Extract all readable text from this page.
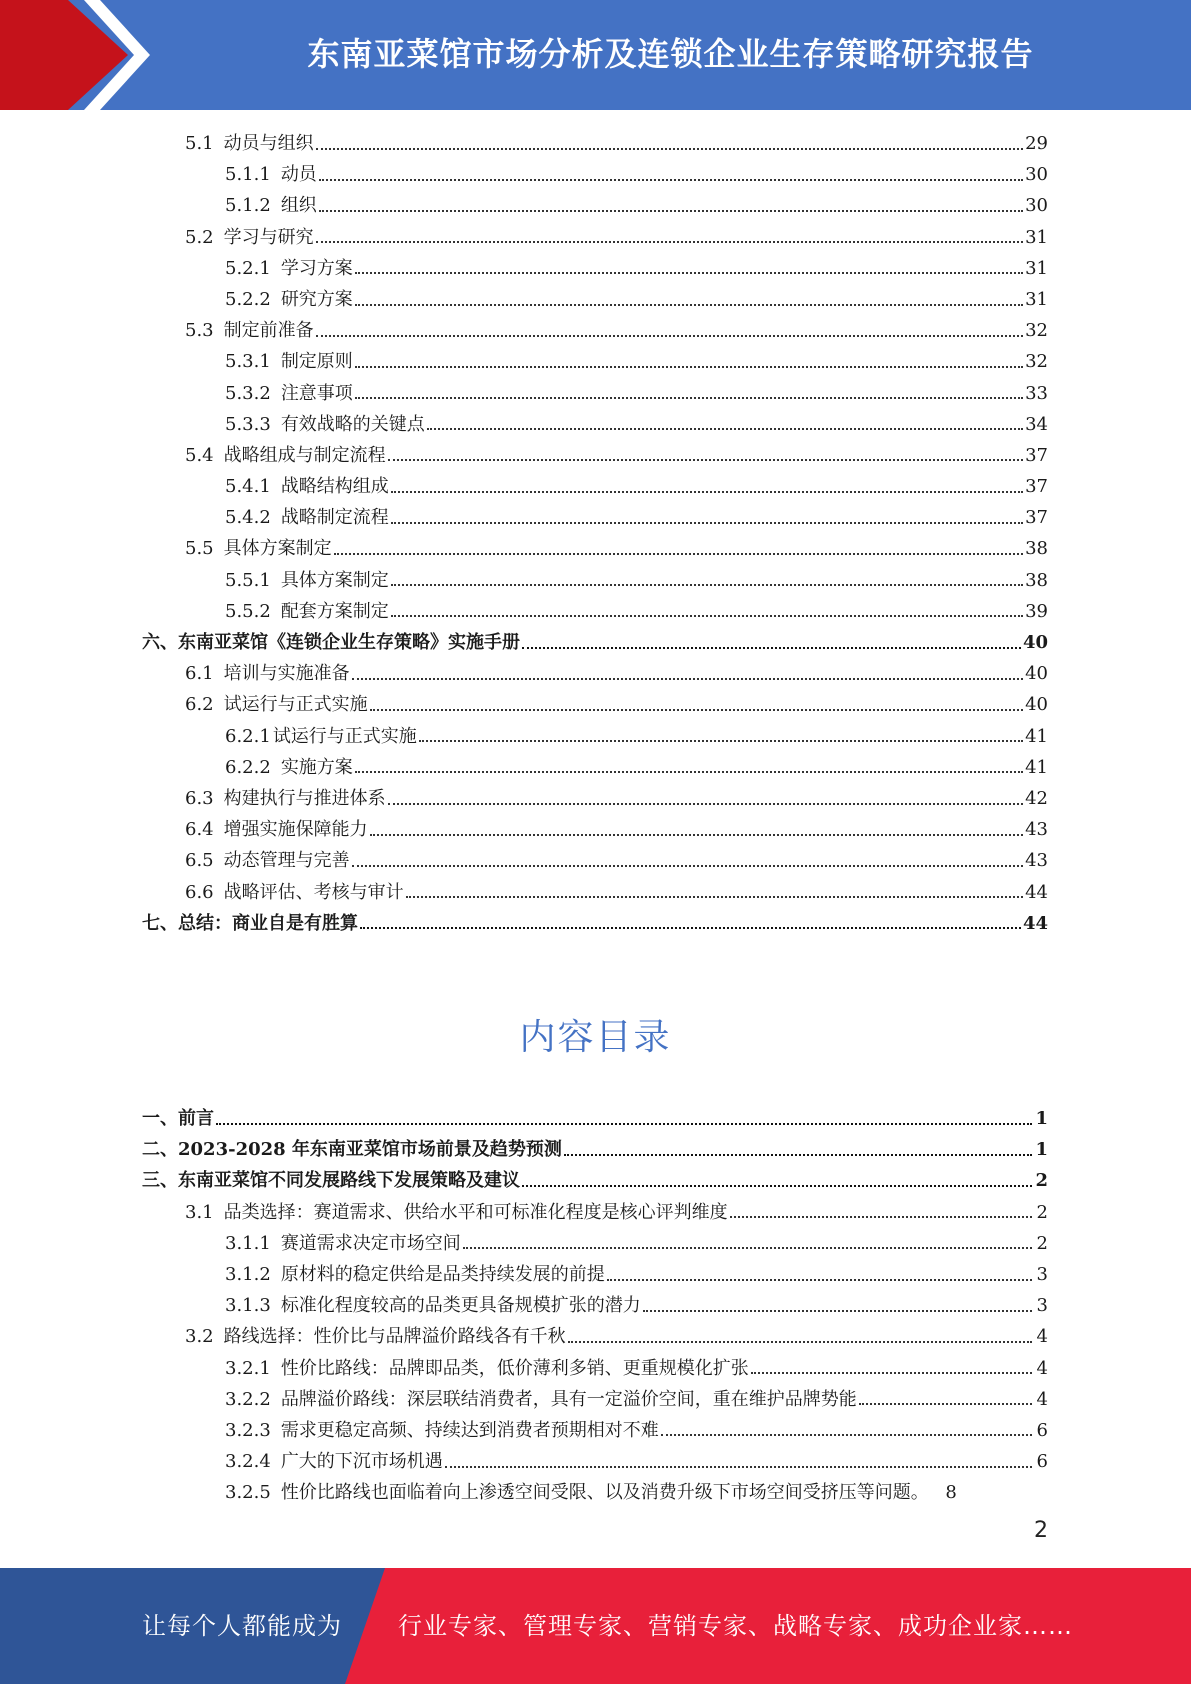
东南亚菜馆市场分析及连锁企业生存策略研究报告
5.1 动员与组织	29
5.1.1 动员	30
5.1.2 组织	30
5.2 学习与研究	31
5.2.1 学习方案	31
5.2.2 研究方案	31
5.3 制定前准备	32
5.3.1 制定原则	32
5.3.2 注意事项	33
5.3.3 有效战略的关键点	34
5.4 战略组成与制定流程	37
5.4.1 战略结构组成	37
5.4.2 战略制定流程	37
5.5 具体方案制定	38
5.5.1 具体方案制定	38
5.5.2 配套方案制定	39
六、东南亚菜馆《连锁企业生存策略》实施手册	40
6.1 培训与实施准备	40
6.2 试运行与正式实施	40
6.2.1 试运行与正式实施	41
6.2.2 实施方案	41
6.3 构建执行与推进体系	42
6.4 增强实施保障能力	43
6.5 动态管理与完善	43
6.6 战略评估、考核与审计	44
七、总结：商业自是有胜算	44
内容目录
一、前言	1
二、2023-2028 年东南亚菜馆市场前景及趋势预测	1
三、东南亚菜馆不同发展路线下发展策略及建议	2
3.1 品类选择：赛道需求、供给水平和可标准化程度是核心评判维度	2
3.1.1 赛道需求决定市场空间	2
3.1.2 原材料的稳定供给是品类持续发展的前提	3
3.1.3 标准化程度较高的品类更具备规模扩张的潜力	3
3.2 路线选择：性价比与品牌溢价路线各有千秋	4
3.2.1 性价比路线：品牌即品类，低价薄利多销、更重规模化扩张	4
3.2.2 品牌溢价路线：深层联结消费者，具有一定溢价空间，重在维护品牌势能	4
3.2.3 需求更稳定高频、持续达到消费者预期相对不难	6
3.2.4 广大的下沉市场机遇	6
3.2.5 性价比路线也面临着向上渗透空间受限、以及消费升级下市场空间受挤压等问题。 8
2
让每个人都能成为 行业专家、管理专家、营销专家、战略专家、成功企业家……
